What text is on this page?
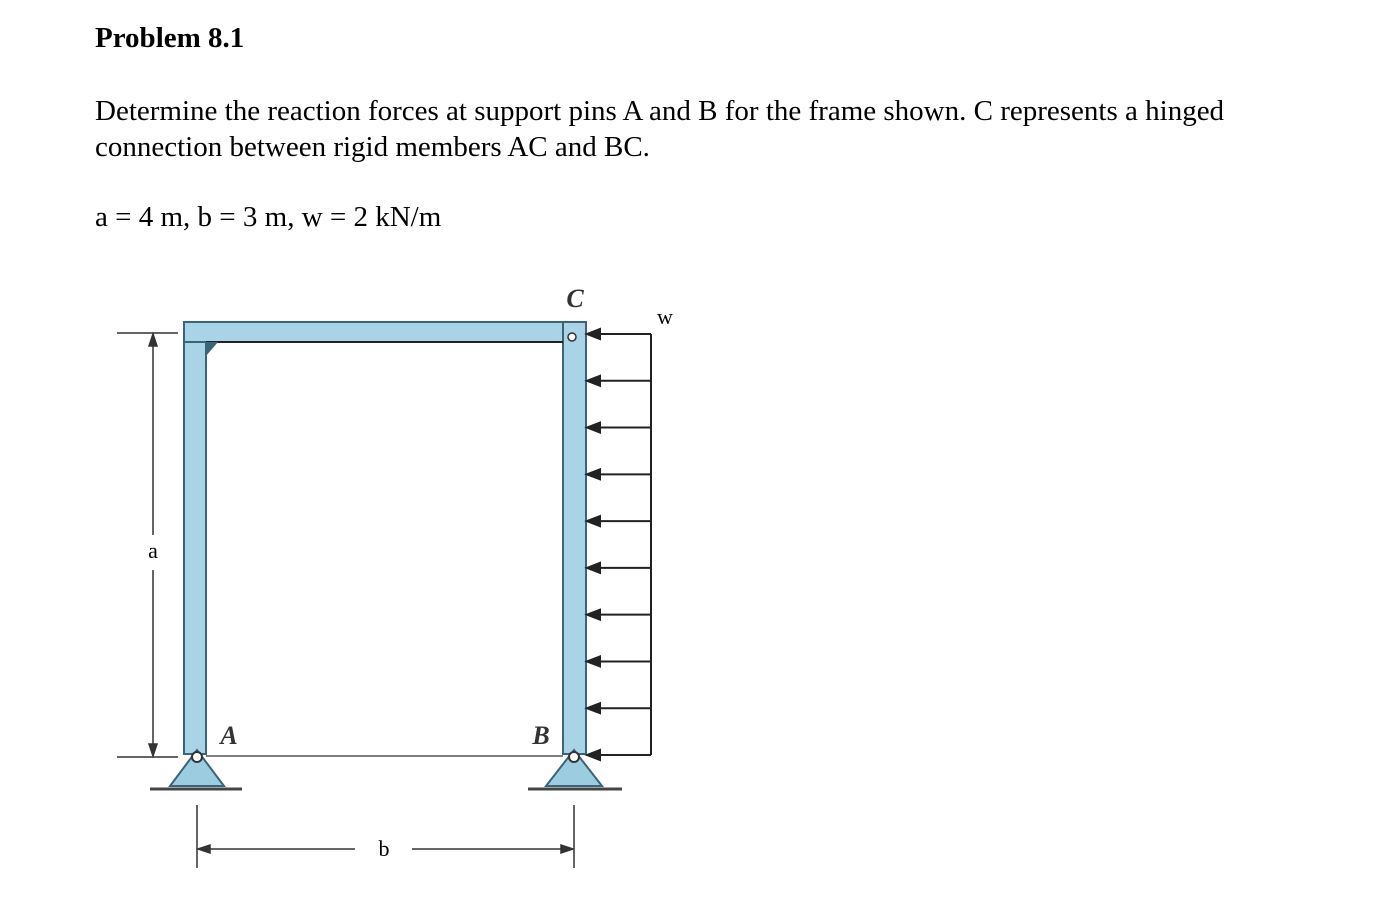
Problem 8.1

Determine the reaction forces at support pins A and B for the frame shown. C represents a hinged connection between rigid members AC and BC.

a = 4 m, b = 3 m, w = 2 kN/m

a
b
A	B
C
w
